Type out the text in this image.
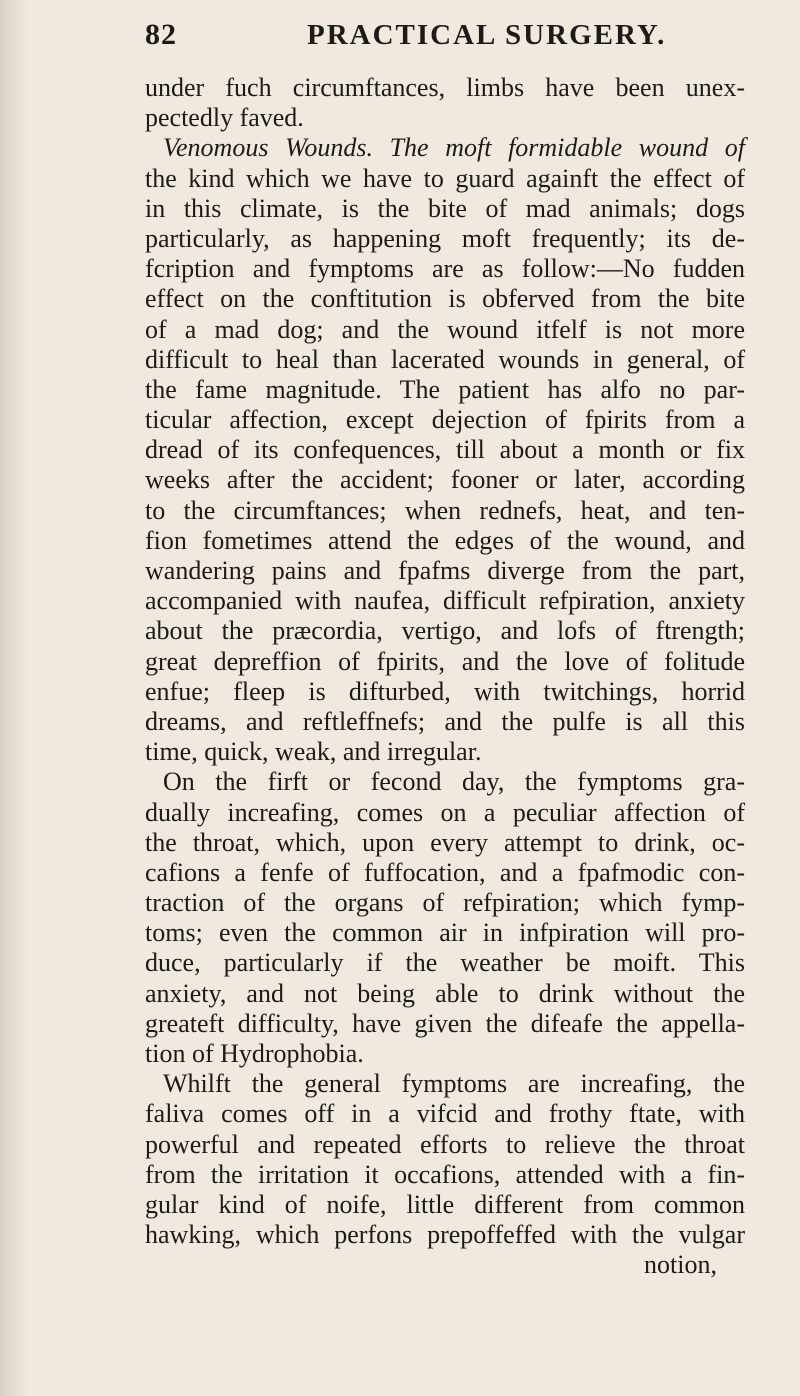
82	PRACTICAL SURGERY.
under fuch circumftances, limbs have been unex-
pectedly faved.
Venomous Wounds. The moft formidable wound of
the kind which we have to guard againft the effect of
in this climate, is the bite of mad animals; dogs
particularly, as happening moft frequently; its de-
fcription and fymptoms are as follow:—No fudden
effect on the conftitution is obferved from the bite
of a mad dog; and the wound itfelf is not more
difficult to heal than lacerated wounds in general, of
the fame magnitude. The patient has alfo no par-
ticular affection, except dejection of fpirits from a
dread of its confequences, till about a month or fix
weeks after the accident; fooner or later, according
to the circumftances; when rednefs, heat, and ten-
fion fometimes attend the edges of the wound, and
wandering pains and fpafms diverge from the part,
accompanied with naufea, difficult refpiration, anxiety
about the præcordia, vertigo, and lofs of ftrength;
great depreffion of fpirits, and the love of folitude
enfue; fleep is difturbed, with twitchings, horrid
dreams, and reftleffnefs; and the pulfe is all this
time, quick, weak, and irregular.
On the firft or fecond day, the fymptoms gra-
dually increafing, comes on a peculiar affection of
the throat, which, upon every attempt to drink, oc-
cafions a fenfe of fuffocation, and a fpafmodic con-
traction of the organs of refpiration; which fymp-
toms; even the common air in infpiration will pro-
duce, particularly if the weather be moift. This
anxiety, and not being able to drink without the
greateft difficulty, have given the difeafe the appella-
tion of Hydrophobia.
Whilft the general fymptoms are increafing, the
faliva comes off in a vifcid and frothy ftate, with
powerful and repeated efforts to relieve the throat
from the irritation it occafions, attended with a fin-
gular kind of noife, little different from common
hawking, which perfons prepoffeffed with the vulgar
notion,
